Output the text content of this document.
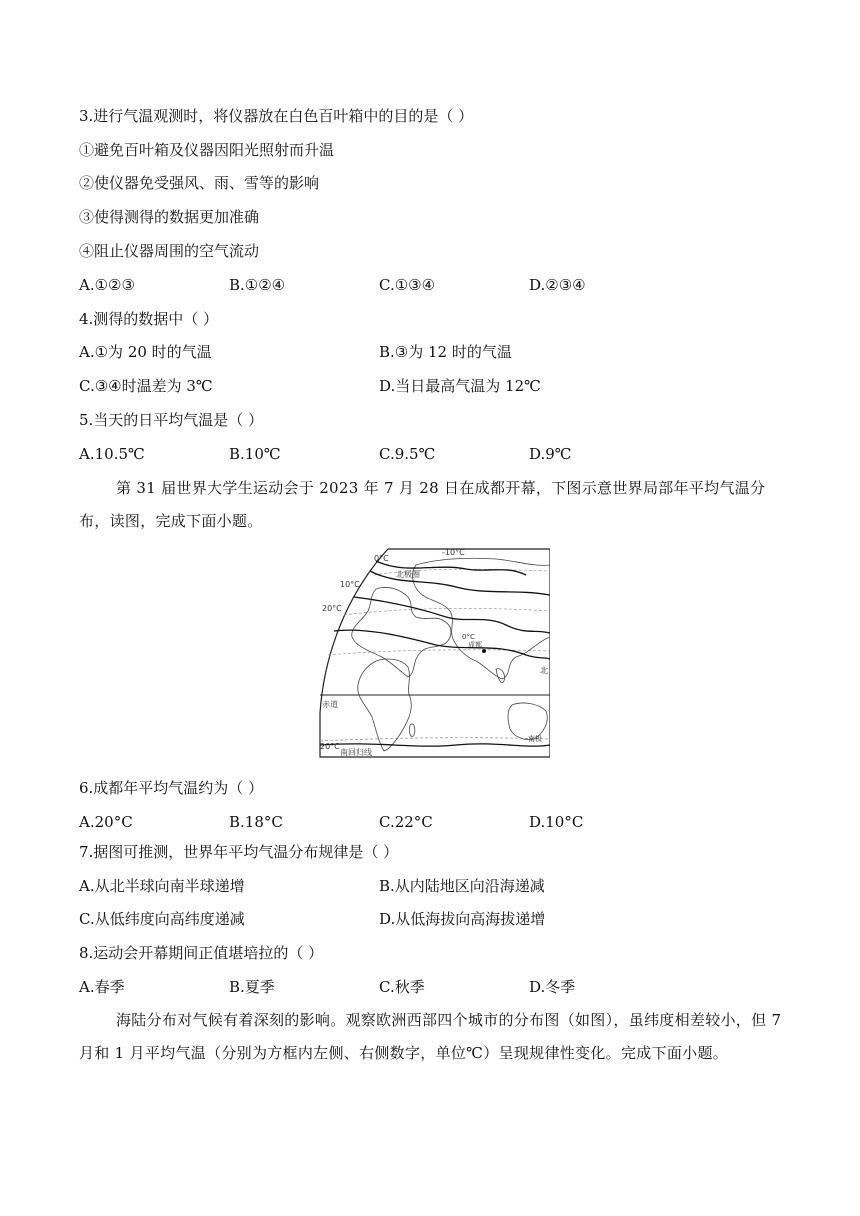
3.进行气温观测时，将仪器放在白色百叶箱中的目的是（ ）
①避免百叶箱及仪器因阳光照射而升温
②使仪器免受强风、雨、雪等的影响
③使得测得的数据更加准确
④阻止仪器周围的空气流动
A.①②③	B.①②④	C.①③④	D.②③④
4.测得的数据中（ ）
A.①为 20 时的气温	B.③为 12 时的气温
C.③④时温差为 3℃	D.当日最高气温为 12℃
5.当天的日平均气温是（ ）
A.10.5℃	B.10℃	C.9.5℃	D.9℃
第 31 届世界大学生运动会于 2023 年 7 月 28 日在成都开幕，下图示意世界局部年平均气温分布，读图，完成下面小题。
0°C
-10°C
10°C
20°C
北极圈
成都
0°C
北
赤道
20°C
南回归线
南极
6.成都年平均气温约为（ ）
A.20°C	B.18°C	C.22°C	D.10°C
7.据图可推测，世界年平均气温分布规律是（ ）
A.从北半球向南半球递增	B.从内陆地区向沿海递减
C.从低纬度向高纬度递减	D.从低海拔向高海拔递增
8.运动会开幕期间正值堪培拉的（ ）
A.春季	B.夏季	C.秋季	D.冬季
海陆分布对气候有着深刻的影响。观察欧洲西部四个城市的分布图（如图），虽纬度相差较小，但 7 月和 1 月平均气温（分别为方框内左侧、右侧数字，单位℃）呈现规律性变化。完成下面小题。
